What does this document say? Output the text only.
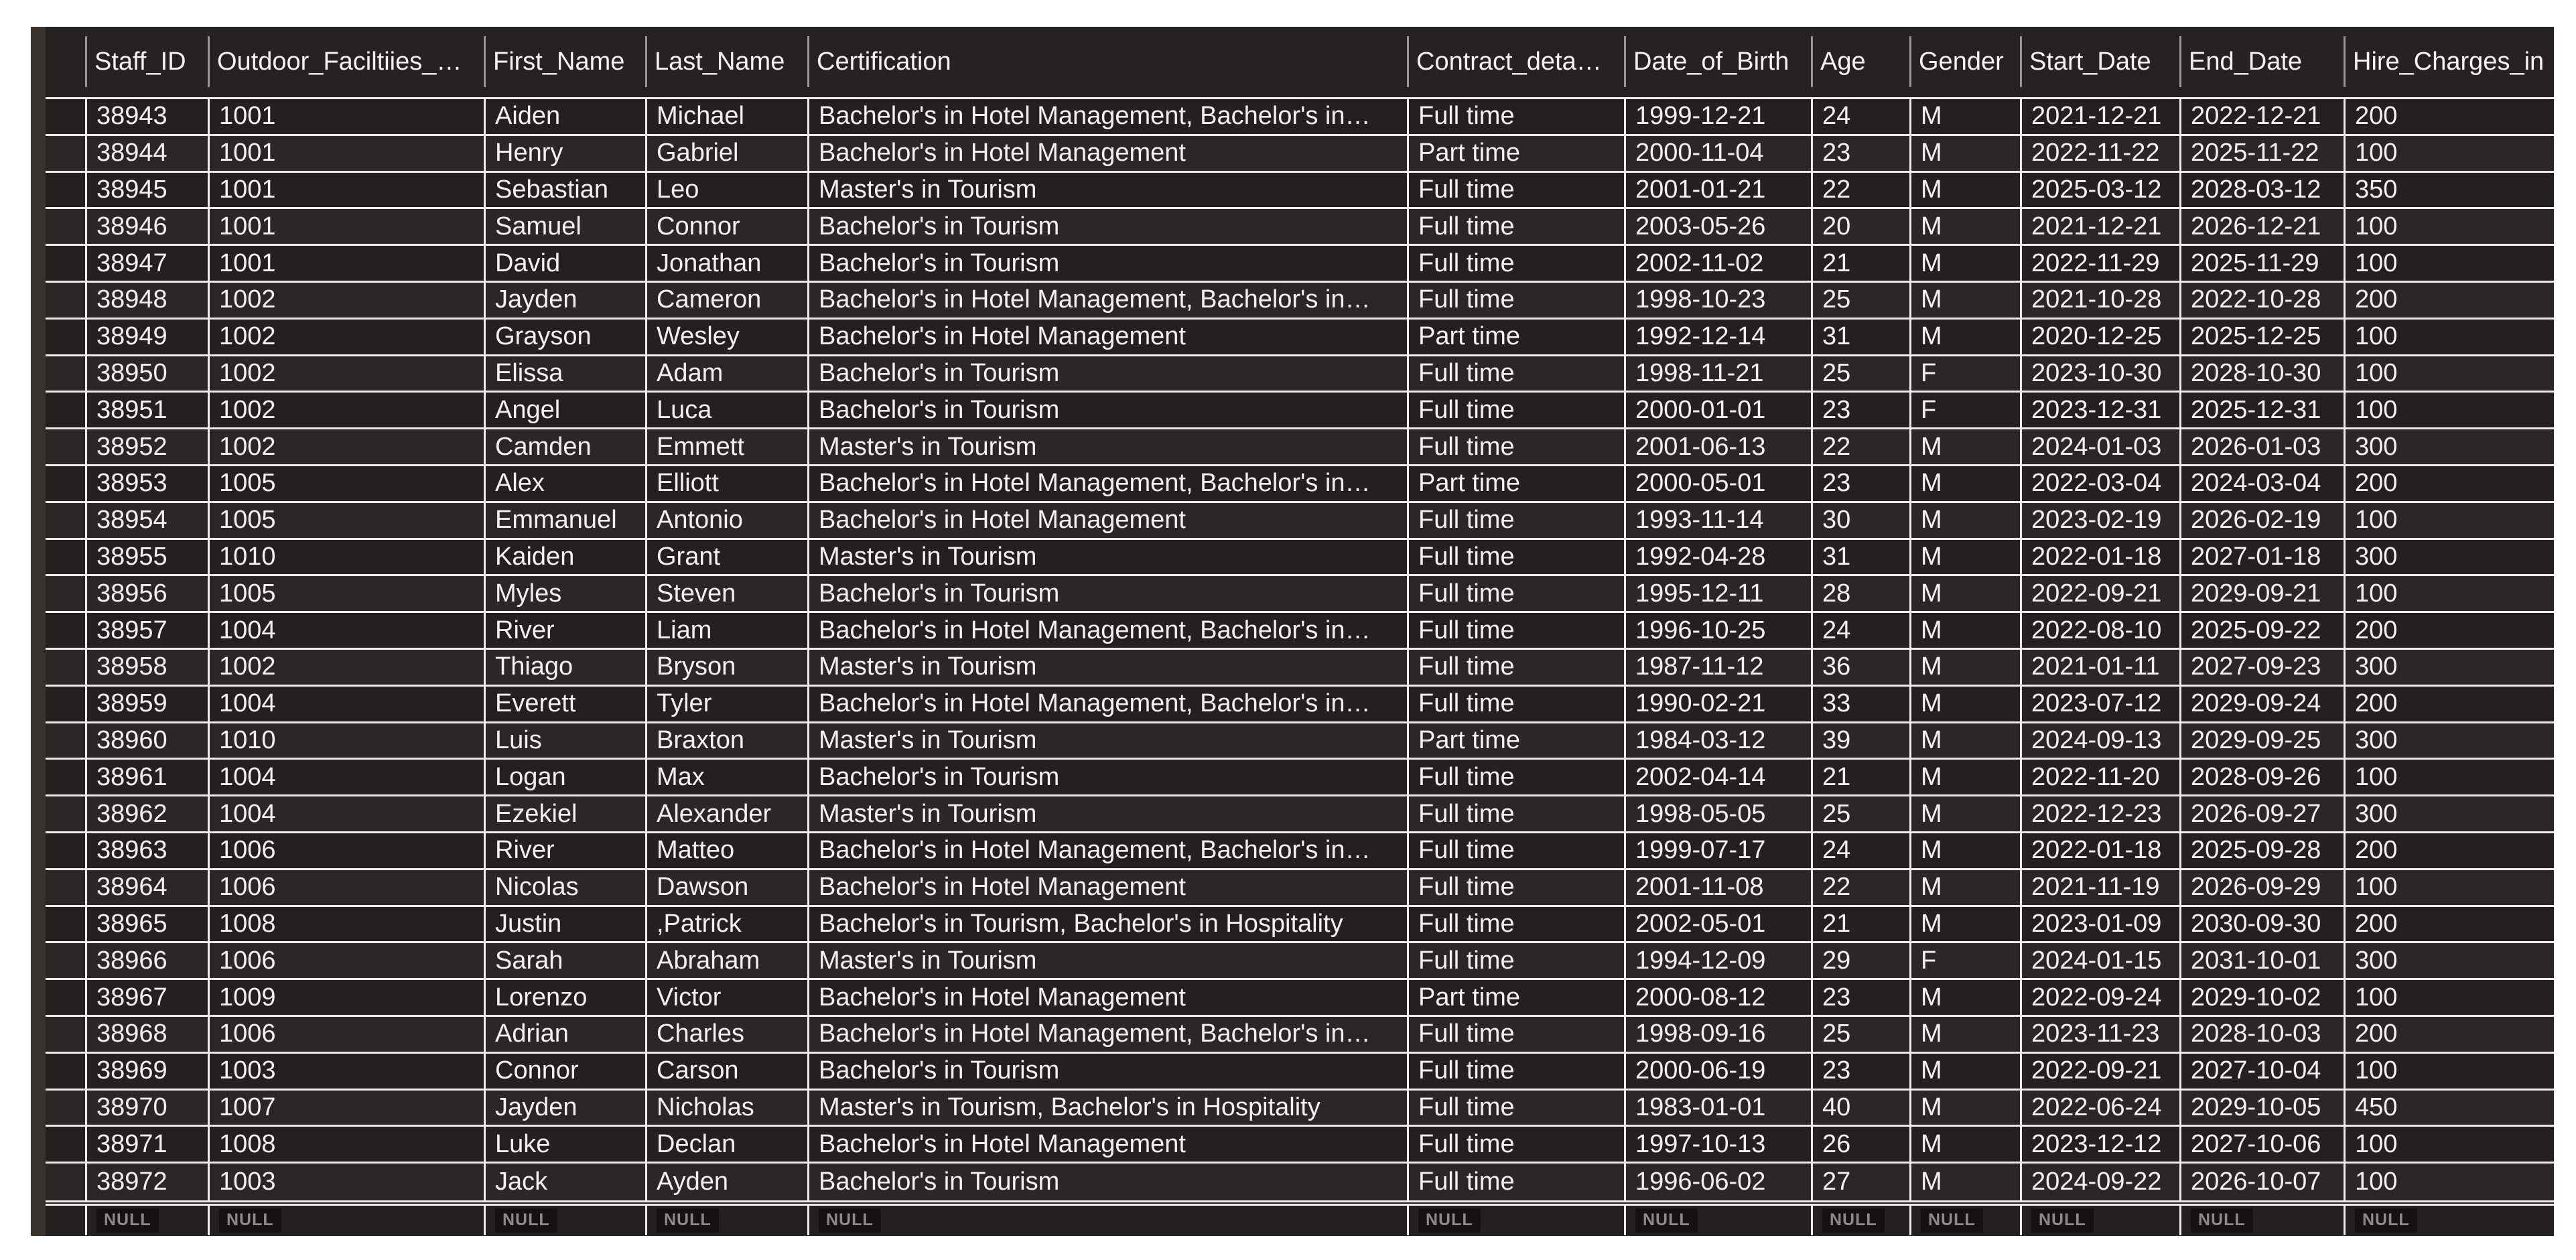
Staff_ID	Outdoor_Faciltiies_…	First_Name	Last_Name	Certification	Contract_deta…	Date_of_Birth	Age	Gender	Start_Date	End_Date	Hire_Charges_in
38943	1001	Aiden	Michael	Bachelor's in Hotel Management, Bachelor's in…	Full time	1999-12-21	24	M	2021-12-21	2022-12-21	200
38944	1001	Henry	Gabriel	Bachelor's in Hotel Management	Part time	2000-11-04	23	M	2022-11-22	2025-11-22	100
38945	1001	Sebastian	Leo	Master's in Tourism	Full time	2001-01-21	22	M	2025-03-12	2028-03-12	350
38946	1001	Samuel	Connor	Bachelor's in Tourism	Full time	2003-05-26	20	M	2021-12-21	2026-12-21	100
38947	1001	David	Jonathan	Bachelor's in Tourism	Full time	2002-11-02	21	M	2022-11-29	2025-11-29	100
38948	1002	Jayden	Cameron	Bachelor's in Hotel Management, Bachelor's in…	Full time	1998-10-23	25	M	2021-10-28	2022-10-28	200
38949	1002	Grayson	Wesley	Bachelor's in Hotel Management	Part time	1992-12-14	31	M	2020-12-25	2025-12-25	100
38950	1002	Elissa	Adam	Bachelor's in Tourism	Full time	1998-11-21	25	F	2023-10-30	2028-10-30	100
38951	1002	Angel	Luca	Bachelor's in Tourism	Full time	2000-01-01	23	F	2023-12-31	2025-12-31	100
38952	1002	Camden	Emmett	Master's in Tourism	Full time	2001-06-13	22	M	2024-01-03	2026-01-03	300
38953	1005	Alex	Elliott	Bachelor's in Hotel Management, Bachelor's in…	Part time	2000-05-01	23	M	2022-03-04	2024-03-04	200
38954	1005	Emmanuel	Antonio	Bachelor's in Hotel Management	Full time	1993-11-14	30	M	2023-02-19	2026-02-19	100
38955	1010	Kaiden	Grant	Master's in Tourism	Full time	1992-04-28	31	M	2022-01-18	2027-01-18	300
38956	1005	Myles	Steven	Bachelor's in Tourism	Full time	1995-12-11	28	M	2022-09-21	2029-09-21	100
38957	1004	River	Liam	Bachelor's in Hotel Management, Bachelor's in…	Full time	1996-10-25	24	M	2022-08-10	2025-09-22	200
38958	1002	Thiago	Bryson	Master's in Tourism	Full time	1987-11-12	36	M	2021-01-11	2027-09-23	300
38959	1004	Everett	Tyler	Bachelor's in Hotel Management, Bachelor's in…	Full time	1990-02-21	33	M	2023-07-12	2029-09-24	200
38960	1010	Luis	Braxton	Master's in Tourism	Part time	1984-03-12	39	M	2024-09-13	2029-09-25	300
38961	1004	Logan	Max	Bachelor's in Tourism	Full time	2002-04-14	21	M	2022-11-20	2028-09-26	100
38962	1004	Ezekiel	Alexander	Master's in Tourism	Full time	1998-05-05	25	M	2022-12-23	2026-09-27	300
38963	1006	River	Matteo	Bachelor's in Hotel Management, Bachelor's in…	Full time	1999-07-17	24	M	2022-01-18	2025-09-28	200
38964	1006	Nicolas	Dawson	Bachelor's in Hotel Management	Full time	2001-11-08	22	M	2021-11-19	2026-09-29	100
38965	1008	Justin	,Patrick	Bachelor's in Tourism, Bachelor's in Hospitality	Full time	2002-05-01	21	M	2023-01-09	2030-09-30	200
38966	1006	Sarah	Abraham	Master's in Tourism	Full time	1994-12-09	29	F	2024-01-15	2031-10-01	300
38967	1009	Lorenzo	Victor	Bachelor's in Hotel Management	Part time	2000-08-12	23	M	2022-09-24	2029-10-02	100
38968	1006	Adrian	Charles	Bachelor's in Hotel Management, Bachelor's in…	Full time	1998-09-16	25	M	2023-11-23	2028-10-03	200
38969	1003	Connor	Carson	Bachelor's in Tourism	Full time	2000-06-19	23	M	2022-09-21	2027-10-04	100
38970	1007	Jayden	Nicholas	Master's in Tourism, Bachelor's in Hospitality	Full time	1983-01-01	40	M	2022-06-24	2029-10-05	450
38971	1008	Luke	Declan	Bachelor's in Hotel Management	Full time	1997-10-13	26	M	2023-12-12	2027-10-06	100
38972	1003	Jack	Ayden	Bachelor's in Tourism	Full time	1996-06-02	27	M	2024-09-22	2026-10-07	100
NULL	NULL	NULL	NULL	NULL	NULL	NULL	NULL	NULL	NULL	NULL	NULL
